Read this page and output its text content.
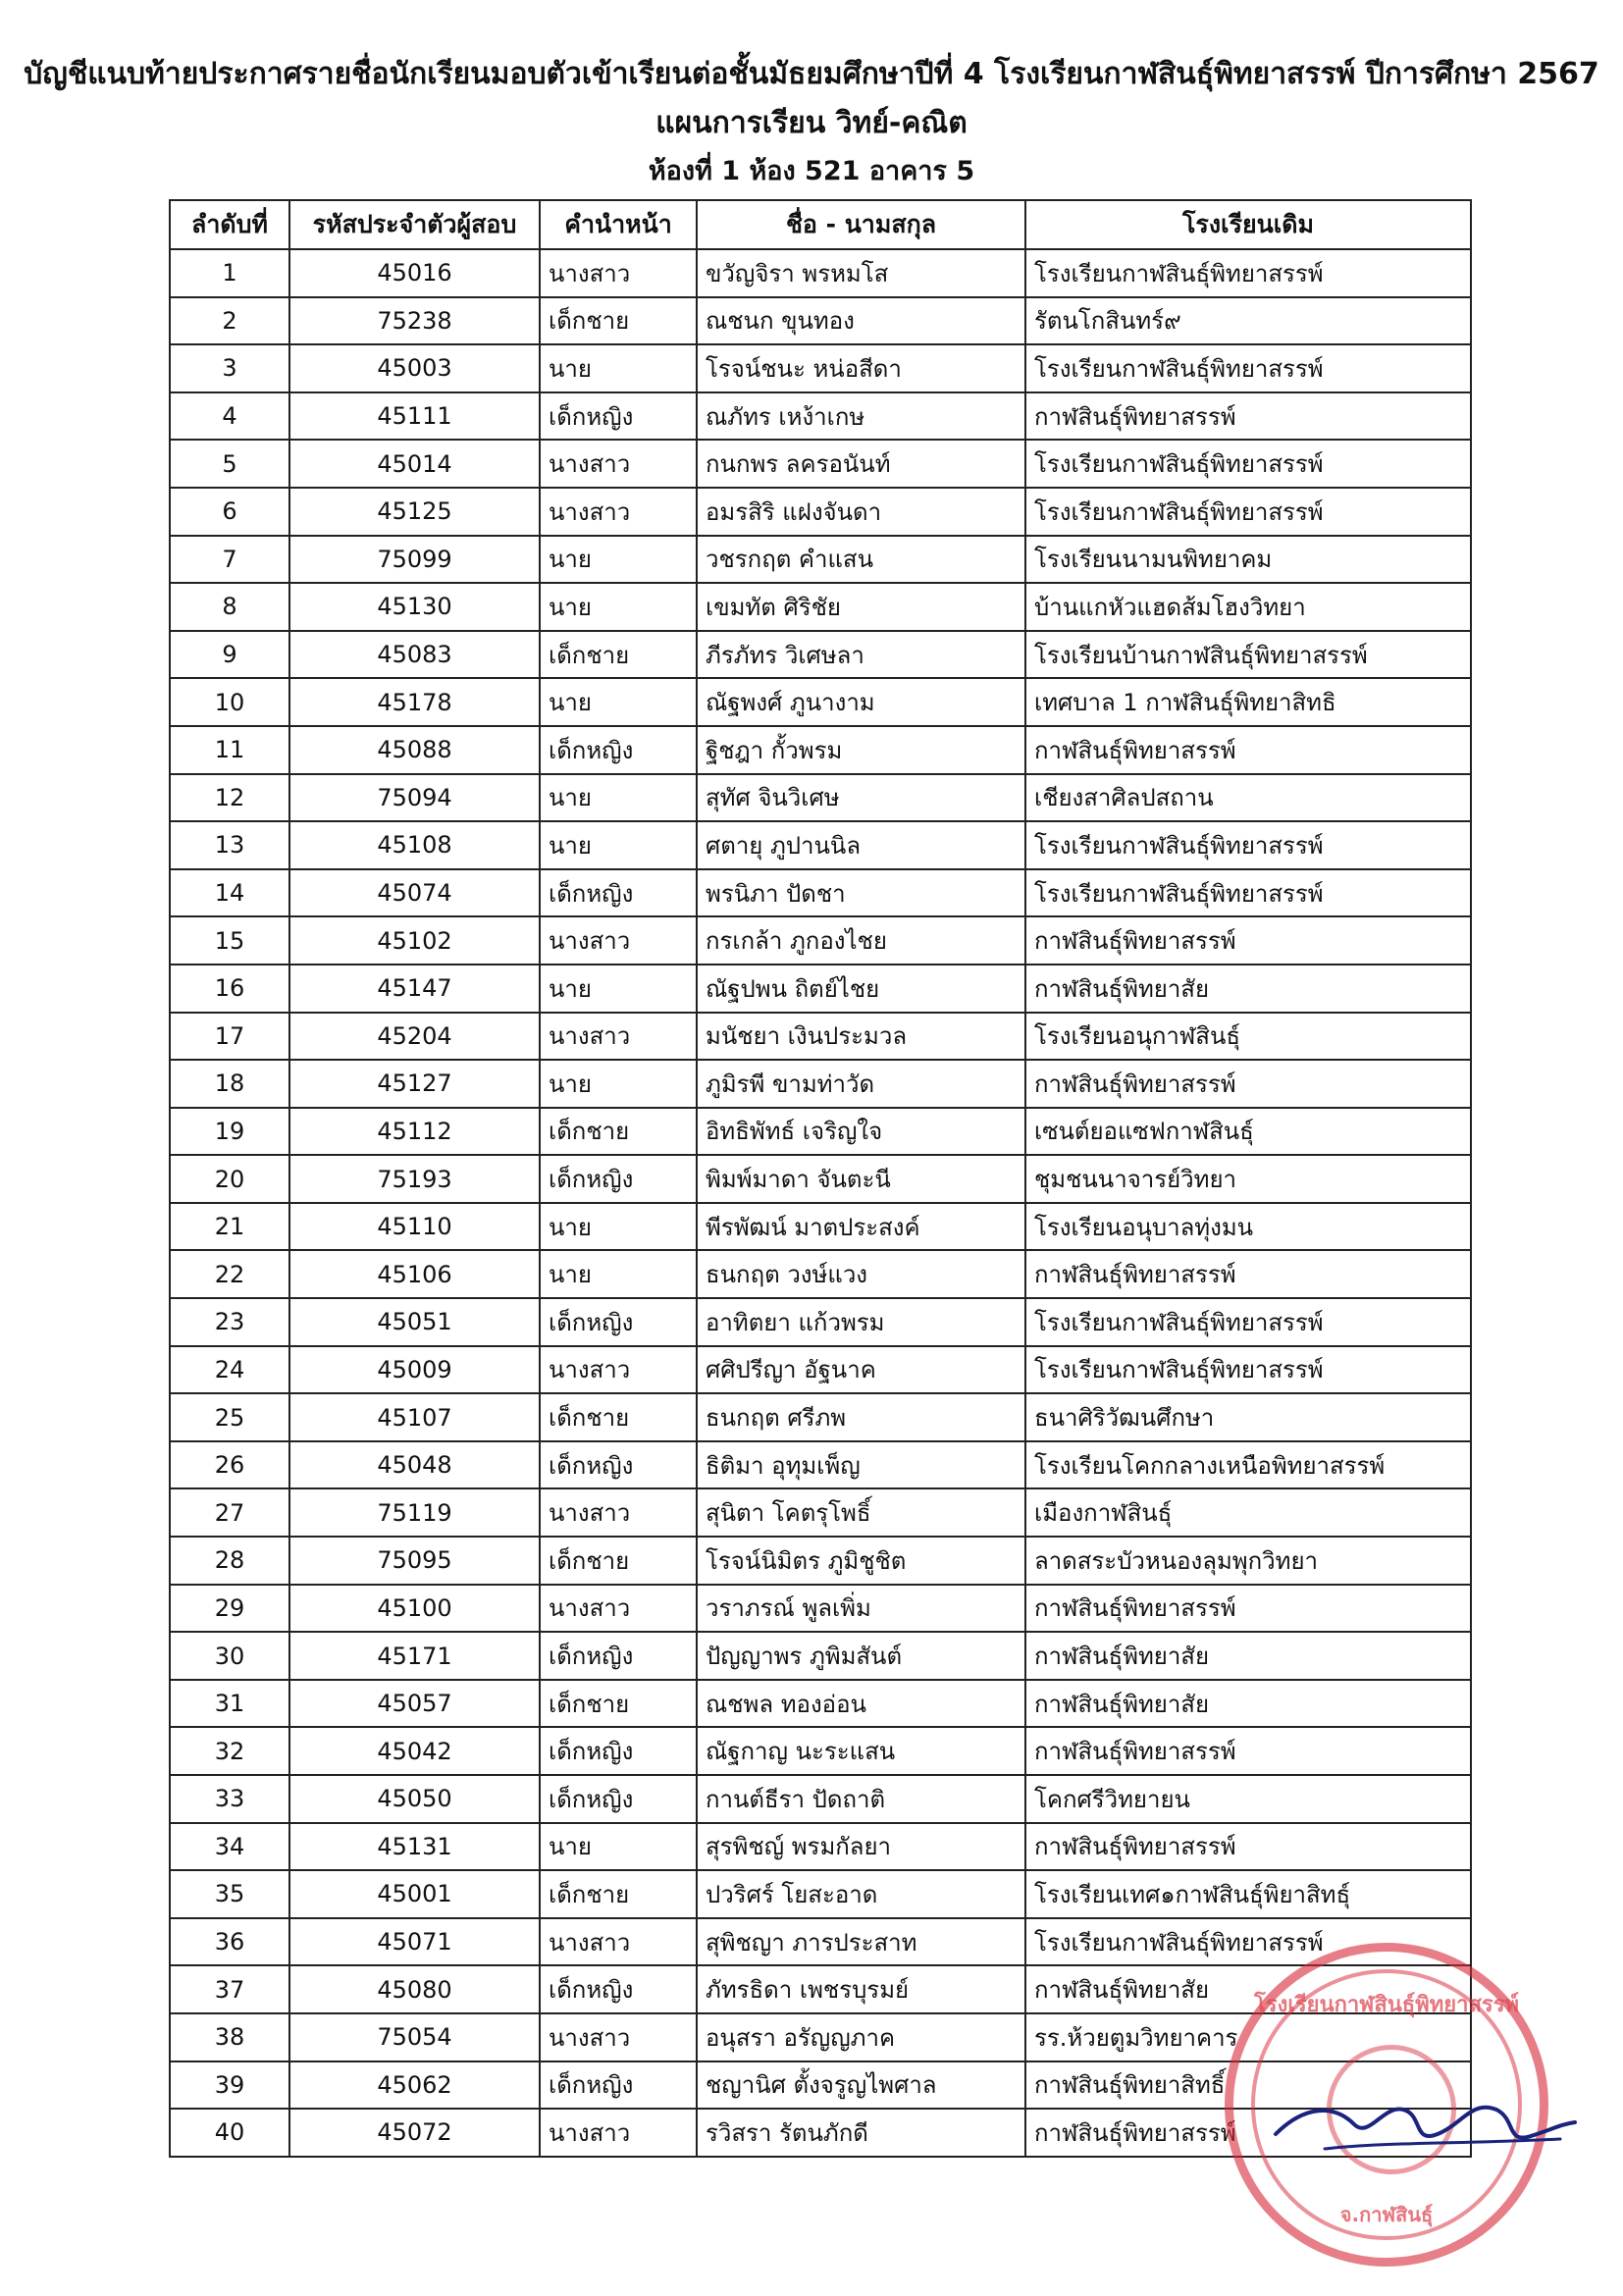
บัญชีแนบท้ายประกาศรายชื่อนักเรียนมอบตัวเข้าเรียนต่อชั้นมัธยมศึกษาปีที่ 4 โรงเรียนกาฬสินธุ์พิทยาสรรพ์ ปีการศึกษา 2567
แผนการเรียน วิทย์-คณิต
ห้องที่ 1 ห้อง 521 อาคาร 5
ลำดับที่	รหัสประจำตัวผู้สอบ	คำนำหน้า	ชื่อ - นามสกุล	โรงเรียนเดิม
1	45016	นางสาว	ขวัญจิรา พรหมโส	โรงเรียนกาฬสินธุ์พิทยาสรรพ์
2	75238	เด็กชาย	ณชนก ขุนทอง	รัตนโกสินทร์๙
3	45003	นาย	โรจน์ชนะ หน่อสีดา	โรงเรียนกาฬสินธุ์พิทยาสรรพ์
4	45111	เด็กหญิง	ณภัทร เหง้าเกษ	กาฬสินธุ์พิทยาสรรพ์
5	45014	นางสาว	กนกพร ลครอนันท์	โรงเรียนกาฬสินธุ์พิทยาสรรพ์
6	45125	นางสาว	อมรสิริ แฝงจันดา	โรงเรียนกาฬสินธุ์พิทยาสรรพ์
7	75099	นาย	วชรกฤต คำแสน	โรงเรียนนามนพิทยาคม
8	45130	นาย	เขมทัต ศิริชัย	บ้านแกหัวแฮดส้มโฮงวิทยา
9	45083	เด็กชาย	ภีรภัทร วิเศษลา	โรงเรียนบ้านกาฬสินธุ์พิทยาสรรพ์
10	45178	นาย	ณัฐพงศ์ ภูนางาม	เทศบาล 1 กาฬสินธุ์พิทยาสิทธิ
11	45088	เด็กหญิง	ฐิชฎา กั้วพรม	กาฬสินธุ์พิทยาสรรพ์
12	75094	นาย	สุทัศ จินวิเศษ	เชียงสาศิลปสถาน
13	45108	นาย	ศตายุ ภูปานนิล	โรงเรียนกาฬสินธุ์พิทยาสรรพ์
14	45074	เด็กหญิง	พรนิภา ปัดชา	โรงเรียนกาฬสินธุ์พิทยาสรรพ์
15	45102	นางสาว	กรเกล้า ภูกองไชย	กาฬสินธุ์พิทยาสรรพ์
16	45147	นาย	ณัฐปพน ถิตย์ไชย	กาฬสินธุ์พิทยาสัย
17	45204	นางสาว	มนัชยา เงินประมวล	โรงเรียนอนุกาฬสินธุ์
18	45127	นาย	ภูมิรพี ขามท่าวัด	กาฬสินธุ์พิทยาสรรพ์
19	45112	เด็กชาย	อิทธิพัทธ์ เจริญใจ	เซนต์ยอแซฟกาฬสินธุ์
20	75193	เด็กหญิง	พิมพ์มาดา จันตะนี	ชุมชนนาจารย์วิทยา
21	45110	นาย	พีรพัฒน์ มาตประสงค์	โรงเรียนอนุบาลทุ่งมน
22	45106	นาย	ธนกฤต วงษ์แวง	กาฬสินธุ์พิทยาสรรพ์
23	45051	เด็กหญิง	อาทิตยา แก้วพรม	โรงเรียนกาฬสินธุ์พิทยาสรรพ์
24	45009	นางสาว	ศศิปรีญา อัฐนาค	โรงเรียนกาฬสินธุ์พิทยาสรรพ์
25	45107	เด็กชาย	ธนกฤต ศรีภพ	ธนาศิริวัฒนศึกษา
26	45048	เด็กหญิง	ธิติมา อุทุมเพ็ญ	โรงเรียนโคกกลางเหนือพิทยาสรรพ์
27	75119	นางสาว	สุนิตา โคตรุโพธิ์	เมืองกาฬสินธุ์
28	75095	เด็กชาย	โรจน์นิมิตร ภูมิชูชิต	ลาดสระบัวหนองลุมพุกวิทยา
29	45100	นางสาว	วราภรณ์ พูลเพิ่ม	กาฬสินธุ์พิทยาสรรพ์
30	45171	เด็กหญิง	ปัญญาพร ภูพิมสันต์	กาฬสินธุ์พิทยาสัย
31	45057	เด็กชาย	ณชพล ทองอ่อน	กาฬสินธุ์พิทยาสัย
32	45042	เด็กหญิง	ณัฐกาญ นะระแสน	กาฬสินธุ์พิทยาสรรพ์
33	45050	เด็กหญิง	กานต์ธีรา ปัดถาติ	โคกศรีวิทยายน
34	45131	นาย	สุรพิชญ์ พรมกัลยา	กาฬสินธุ์พิทยาสรรพ์
35	45001	เด็กชาย	ปวริศร์ โยสะอาด	โรงเรียนเทศ๑กาฬสินธุ์พิยาสิทธุ์
36	45071	นางสาว	สุพิชญา ภารประสาท	โรงเรียนกาฬสินธุ์พิทยาสรรพ์
37	45080	เด็กหญิง	ภัทรธิดา เพชรบุรมย์	กาฬสินธุ์พิทยาสัย
38	75054	นางสาว	อนุสรา อรัญญภาค	รร.ห้วยตูมวิทยาคาร
39	45062	เด็กหญิง	ชญานิศ ตั้งจรูญไพศาล	กาฬสินธุ์พิทยาสิทธิ์
40	45072	นางสาว	รวิสรา รัตนภักดี	กาฬสินธุ์พิทยาสรรพ์
โรงเรียนกาฬสินธุ์พิทยาสรรพ์
จ.กาฬสินธุ์
